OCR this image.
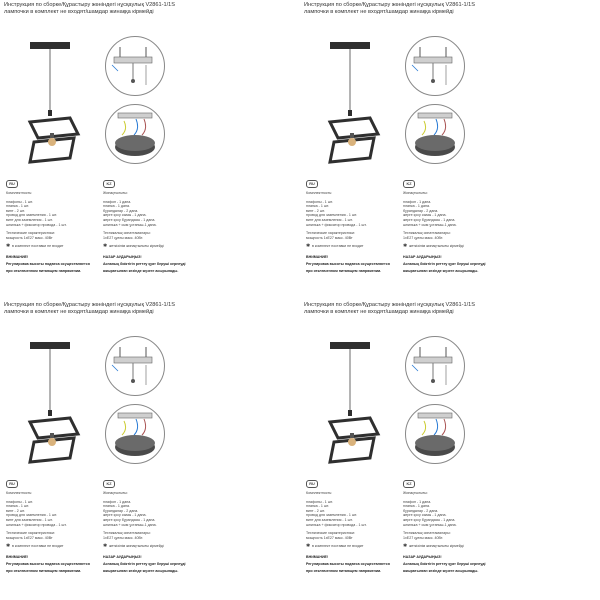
Инструкция по сборке/Құрастыру жөніндегі нұсқаулық V2861-1/1S
лампочки в комплект не входят/шамдар жинаққа кірмейді
RU
Комплектность:
плафоны - 1 шт.
планка - 1 шт.
винт - 2 шт.
провод для заземления - 1 шт.
винт для заземления - 1 шт.
шпилька + фиксатор провода - 1 шт.
Технические характеристики:
мощность 1xE27 макс. 40Вт
✱ в комплект поставки не входит
ВНИМАНИЕ!
Регулировка высоты подвеса осуществляется
при отключенном питающем напряжении.
KZ
Жинақтылығы:
плафон - 1 дана.
планка - 1 дана.
бұрандалар - 2 дана.
жерге қосу сымы - 1 дана.
жерге қосу бұрандасы - 1 дана.
шпилька + сым ұстағыш-1 дана.
Техникалық сипаттамалары:
1xE27 қуаты макс. 40Вт.
✱ жеткізілім жинақтылығы кірмейді
НАЗАР АУДАРЫҢЫЗ!
Аспаның биіктігін реттеу қуат беруші кернеуді
ажыратылған кезінде жүзеге асырылады.
Инструкция по сборке/Құрастыру жөніндегі нұсқаулық V2861-1/1S
лампочки в комплект не входят/шамдар жинаққа кірмейді
RU
Комплектность:
плафоны - 1 шт.
планка - 1 шт.
винт - 2 шт.
провод для заземления - 1 шт.
винт для заземления - 1 шт.
шпилька + фиксатор провода - 1 шт.
Технические характеристики:
мощность 1xE27 макс. 40Вт
✱ в комплект поставки не входит
ВНИМАНИЕ!
Регулировка высоты подвеса осуществляется
при отключенном питающем напряжении.
KZ
Жинақтылығы:
плафон - 1 дана.
планка - 1 дана.
бұрандалар - 2 дана.
жерге қосу сымы - 1 дана.
жерге қосу бұрандасы - 1 дана.
шпилька + сым ұстағыш-1 дана.
Техникалық сипаттамалары:
1xE27 қуаты макс. 40Вт.
✱ жеткізілім жинақтылығы кірмейді
НАЗАР АУДАРЫҢЫЗ!
Аспаның биіктігін реттеу қуат беруші кернеуді
ажыратылған кезінде жүзеге асырылады.
Инструкция по сборке/Құрастыру жөніндегі нұсқаулық V2861-1/1S
лампочки в комплект не входят/шамдар жинаққа кірмейді
RU
Комплектность:
плафоны - 1 шт.
планка - 1 шт.
винт - 2 шт.
провод для заземления - 1 шт.
винт для заземления - 1 шт.
шпилька + фиксатор провода - 1 шт.
Технические характеристики:
мощность 1xE27 макс. 40Вт
✱ в комплект поставки не входит
ВНИМАНИЕ!
Регулировка высоты подвеса осуществляется
при отключенном питающем напряжении.
KZ
Жинақтылығы:
плафон - 1 дана.
планка - 1 дана.
бұрандалар - 2 дана.
жерге қосу сымы - 1 дана.
жерге қосу бұрандасы - 1 дана.
шпилька + сым ұстағыш-1 дана.
Техникалық сипаттамалары:
1xE27 қуаты макс. 40Вт.
✱ жеткізілім жинақтылығы кірмейді
НАЗАР АУДАРЫҢЫЗ!
Аспаның биіктігін реттеу қуат беруші кернеуді
ажыратылған кезінде жүзеге асырылады.
Инструкция по сборке/Құрастыру жөніндегі нұсқаулық V2861-1/1S
лампочки в комплект не входят/шамдар жинаққа кірмейді
RU
Комплектность:
плафоны - 1 шт.
планка - 1 шт.
винт - 2 шт.
провод для заземления - 1 шт.
винт для заземления - 1 шт.
шпилька + фиксатор провода - 1 шт.
Технические характеристики:
мощность 1xE27 макс. 40Вт
✱ в комплект поставки не входит
ВНИМАНИЕ!
Регулировка высоты подвеса осуществляется
при отключенном питающем напряжении.
KZ
Жинақтылығы:
плафон - 1 дана.
планка - 1 дана.
бұрандалар - 2 дана.
жерге қосу сымы - 1 дана.
жерге қосу бұрандасы - 1 дана.
шпилька + сым ұстағыш-1 дана.
Техникалық сипаттамалары:
1xE27 қуаты макс. 40Вт.
✱ жеткізілім жинақтылығы кірмейді
НАЗАР АУДАРЫҢЫЗ!
Аспаның биіктігін реттеу қуат беруші кернеуді
ажыратылған кезінде жүзеге асырылады.
